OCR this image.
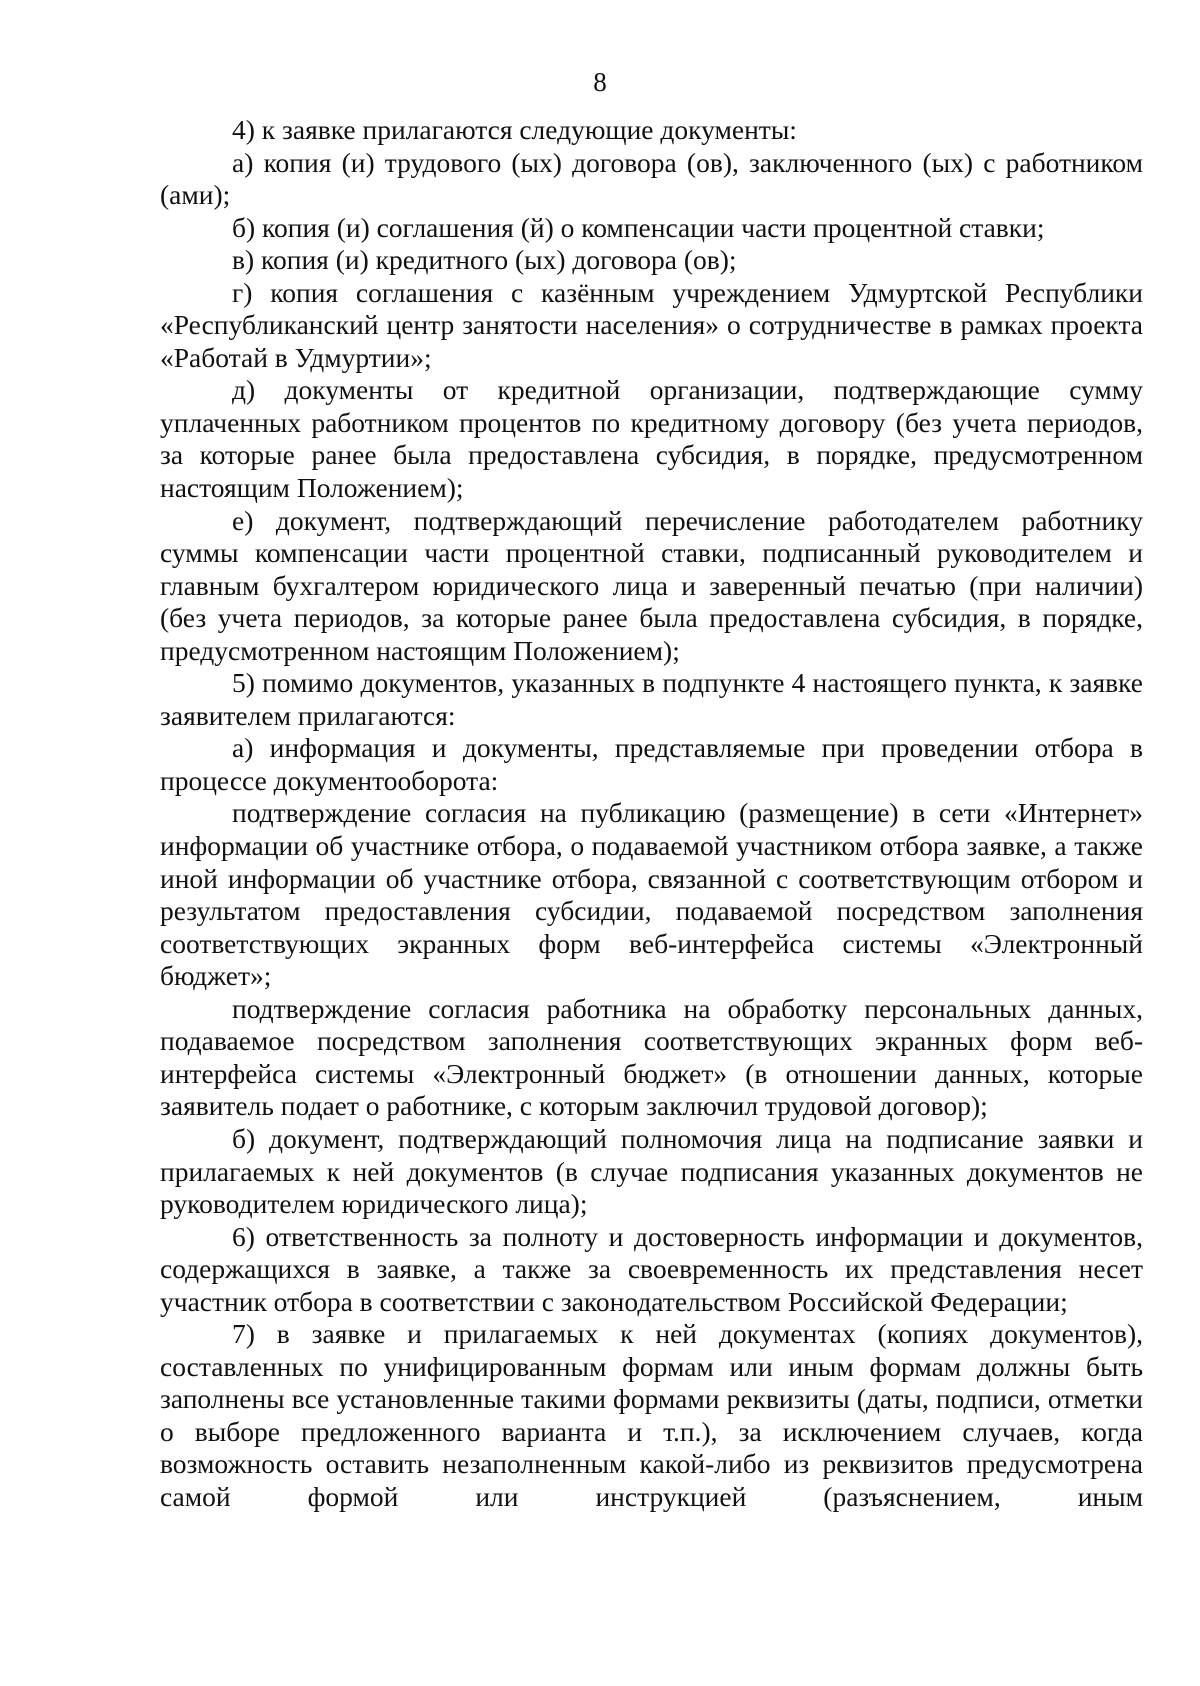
8

4) к заявке прилагаются следующие документы:

а) копия (и) трудового (ых) договора (ов), заключенного (ых) с работником (ами);

б) копия (и) соглашения (й) о компенсации части процентной ставки;

в) копия (и) кредитного (ых) договора (ов);

г) копия соглашения с казённым учреждением Удмуртской Республики «Республиканский центр занятости населения» о сотрудничестве в рамках проекта «Работай в Удмуртии»;

д) документы от кредитной организации, подтверждающие сумму уплаченных работником процентов по кредитному договору (без учета периодов, за которые ранее была предоставлена субсидия, в порядке, предусмотренном настоящим Положением);

е) документ, подтверждающий перечисление работодателем работнику суммы компенсации части процентной ставки, подписанный руководителем и главным бухгалтером юридического лица и заверенный печатью (при наличии) (без учета периодов, за которые ранее была предоставлена субсидия, в порядке, предусмотренном настоящим Положением);

5) помимо документов, указанных в подпункте 4 настоящего пункта, к заявке заявителем прилагаются:

а) информация и документы, представляемые при проведении отбора в процессе документооборота:

подтверждение согласия на публикацию (размещение) в сети «Интернет» информации об участнике отбора, о подаваемой участником отбора заявке, а также иной информации об участнике отбора, связанной с соответствующим отбором и результатом предоставления субсидии, подаваемой посредством заполнения соответствующих экранных форм веб-интерфейса системы «Электронный бюджет»;

подтверждение согласия работника на обработку персональных данных, подаваемое посредством заполнения соответствующих экранных форм веб-интерфейса системы «Электронный бюджет» (в отношении данных, которые заявитель подает о работнике, с которым заключил трудовой договор);

б) документ, подтверждающий полномочия лица на подписание заявки и прилагаемых к ней документов (в случае подписания указанных документов не руководителем юридического лица);

6) ответственность за полноту и достоверность информации и документов, содержащихся в заявке, а также за своевременность их представления несет участник отбора в соответствии с законодательством Российской Федерации;

7) в заявке и прилагаемых к ней документах (копиях документов), составленных по унифицированным формам или иным формам должны быть заполнены все установленные такими формами реквизиты (даты, подписи, отметки о выборе предложенного варианта и т.п.), за исключением случаев, когда возможность оставить незаполненным какой-либо из реквизитов предусмотрена самой формой или инструкцией (разъяснением, иным
